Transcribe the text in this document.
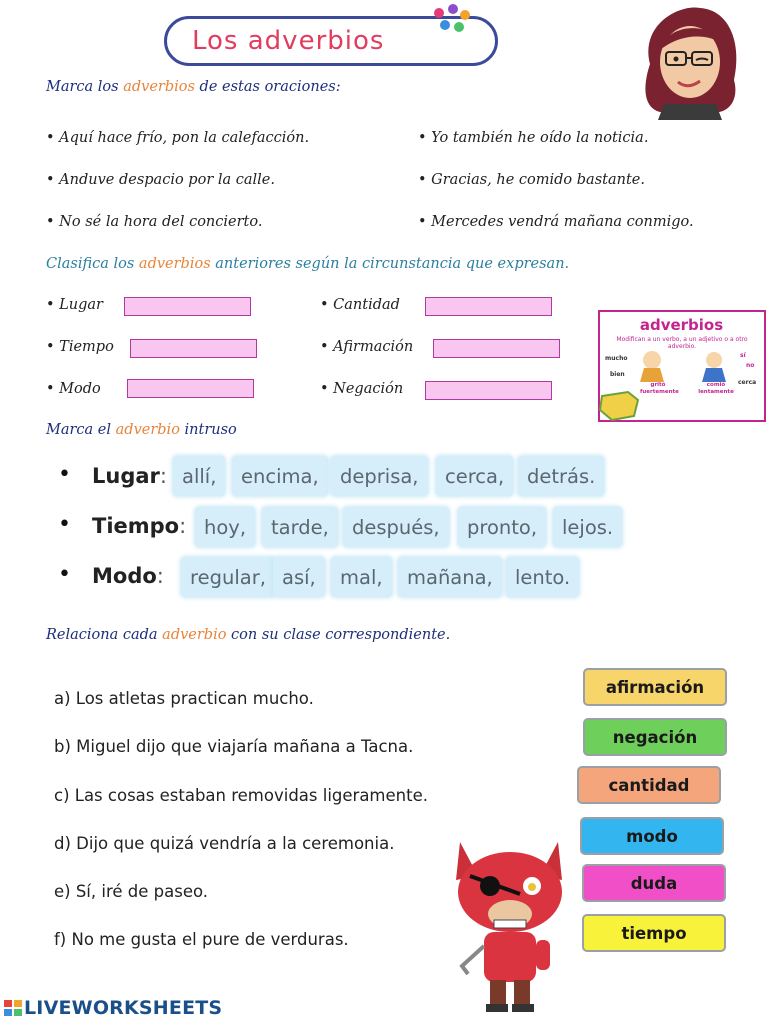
Los adverbios
Marca los adverbios de estas oraciones:
• Aquí hace frío, pon la calefacción.
• Anduve despacio por la calle.
• No sé la hora del concierto.
• Yo también he oído la noticia.
• Gracias, he comido bastante.
• Mercedes vendrá mañana conmigo.
Clasifica los adverbios anteriores según la circunstancia que expresan.
• Lugar
• Tiempo
• Modo
• Cantidad
• Afirmación
• Negación
adverbios
Modifican a un verbo, a un adjetivo o a otro adverbio.
mucho
bien
sí
no
cerca
gritó fuertemente
comió lentamente
Marca el adverbio intruso
• Lugar: allí,	encima,	deprisa,	cerca,	detrás.
• Tiempo: hoy,	tarde,	después,	pronto,	lejos.
• Modo:	regular, así,	mal,	mañana,	lento.
Relaciona cada adverbio con su clase correspondiente.
a) Los atletas practican mucho.
b) Miguel dijo que viajaría mañana a Tacna.
c) Las cosas estaban removidas ligeramente.
d) Dijo que quizá vendría a la ceremonia.
e) Sí, iré de paseo.
f) No me gusta el pure de verduras.
afirmación
negación
cantidad
modo
duda
tiempo
LIVEWORKSHEETS
